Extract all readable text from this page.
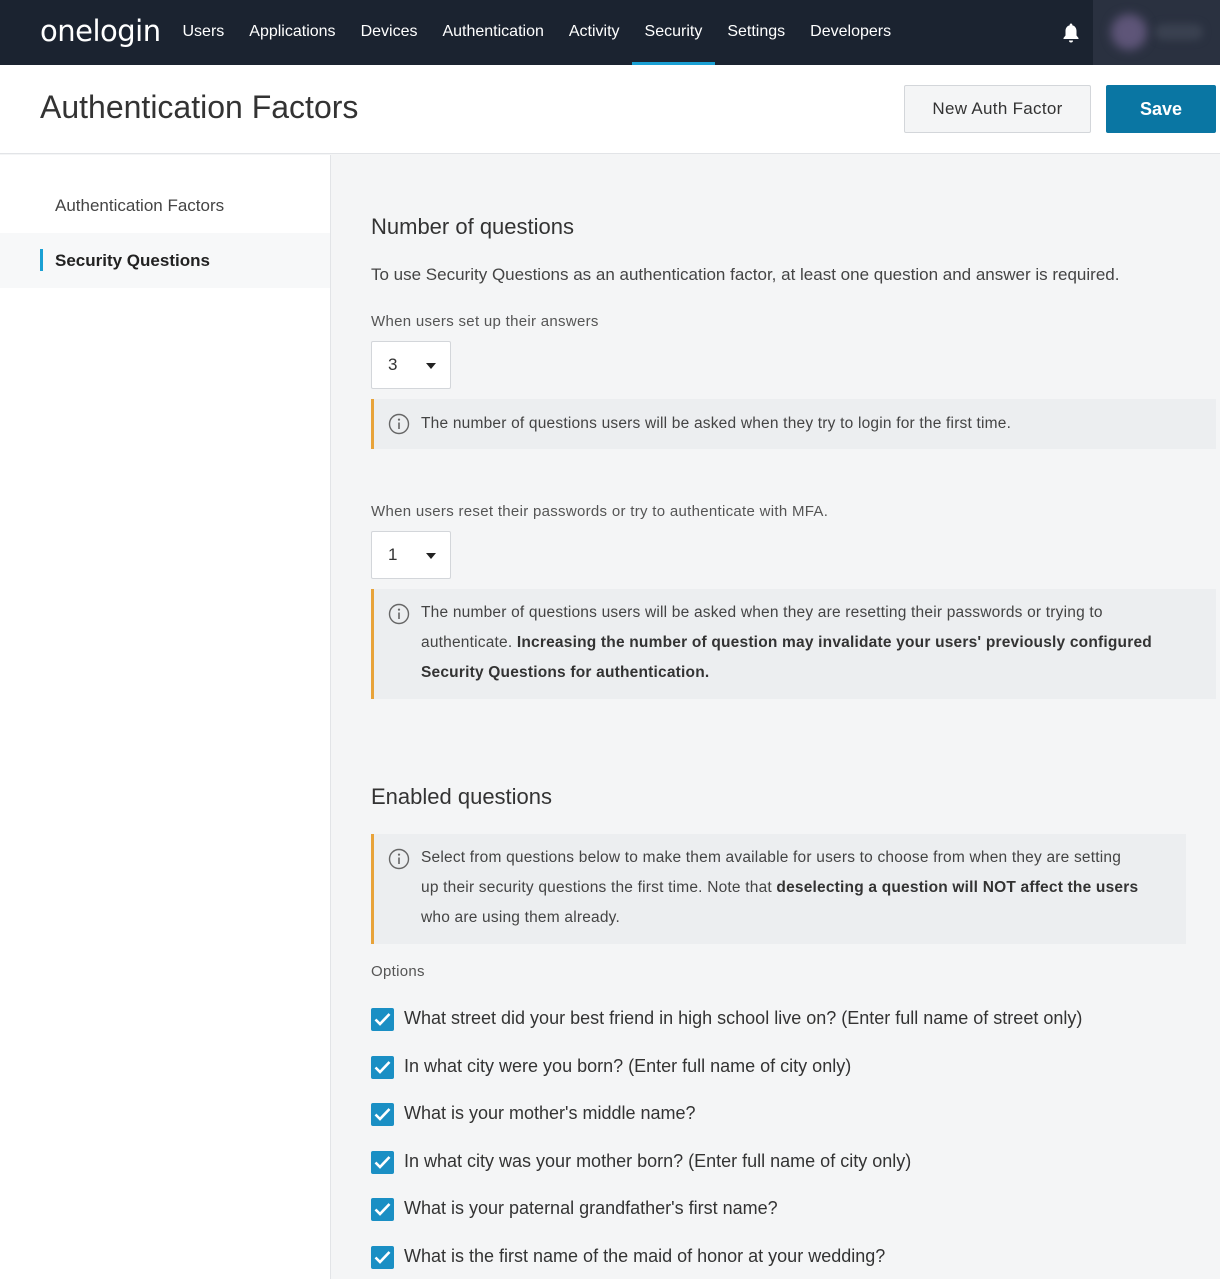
onelogin	Users	Applications	Devices	Authentication	Activity	Security	Settings	Developers
Authentication Factors	New Auth Factor	Save
Authentication Factors
Security Questions
Number of questions
To use Security Questions as an authentication factor, at least one question and answer is required.
When users set up their answers
3
The number of questions users will be asked when they try to login for the first time.
When users reset their passwords or try to authenticate with MFA.
1
The number of questions users will be asked when they are resetting their passwords or trying to
authenticate. Increasing the number of question may invalidate your users' previously configured
Security Questions for authentication.
Enabled questions
Select from questions below to make them available for users to choose from when they are setting
up their security questions the first time. Note that deselecting a question will NOT affect the users
who are using them already.
Options
What street did your best friend in high school live on? (Enter full name of street only)
In what city were you born? (Enter full name of city only)
What is your mother's middle name?
In what city was your mother born? (Enter full name of city only)
What is your paternal grandfather's first name?
What is the first name of the maid of honor at your wedding?
